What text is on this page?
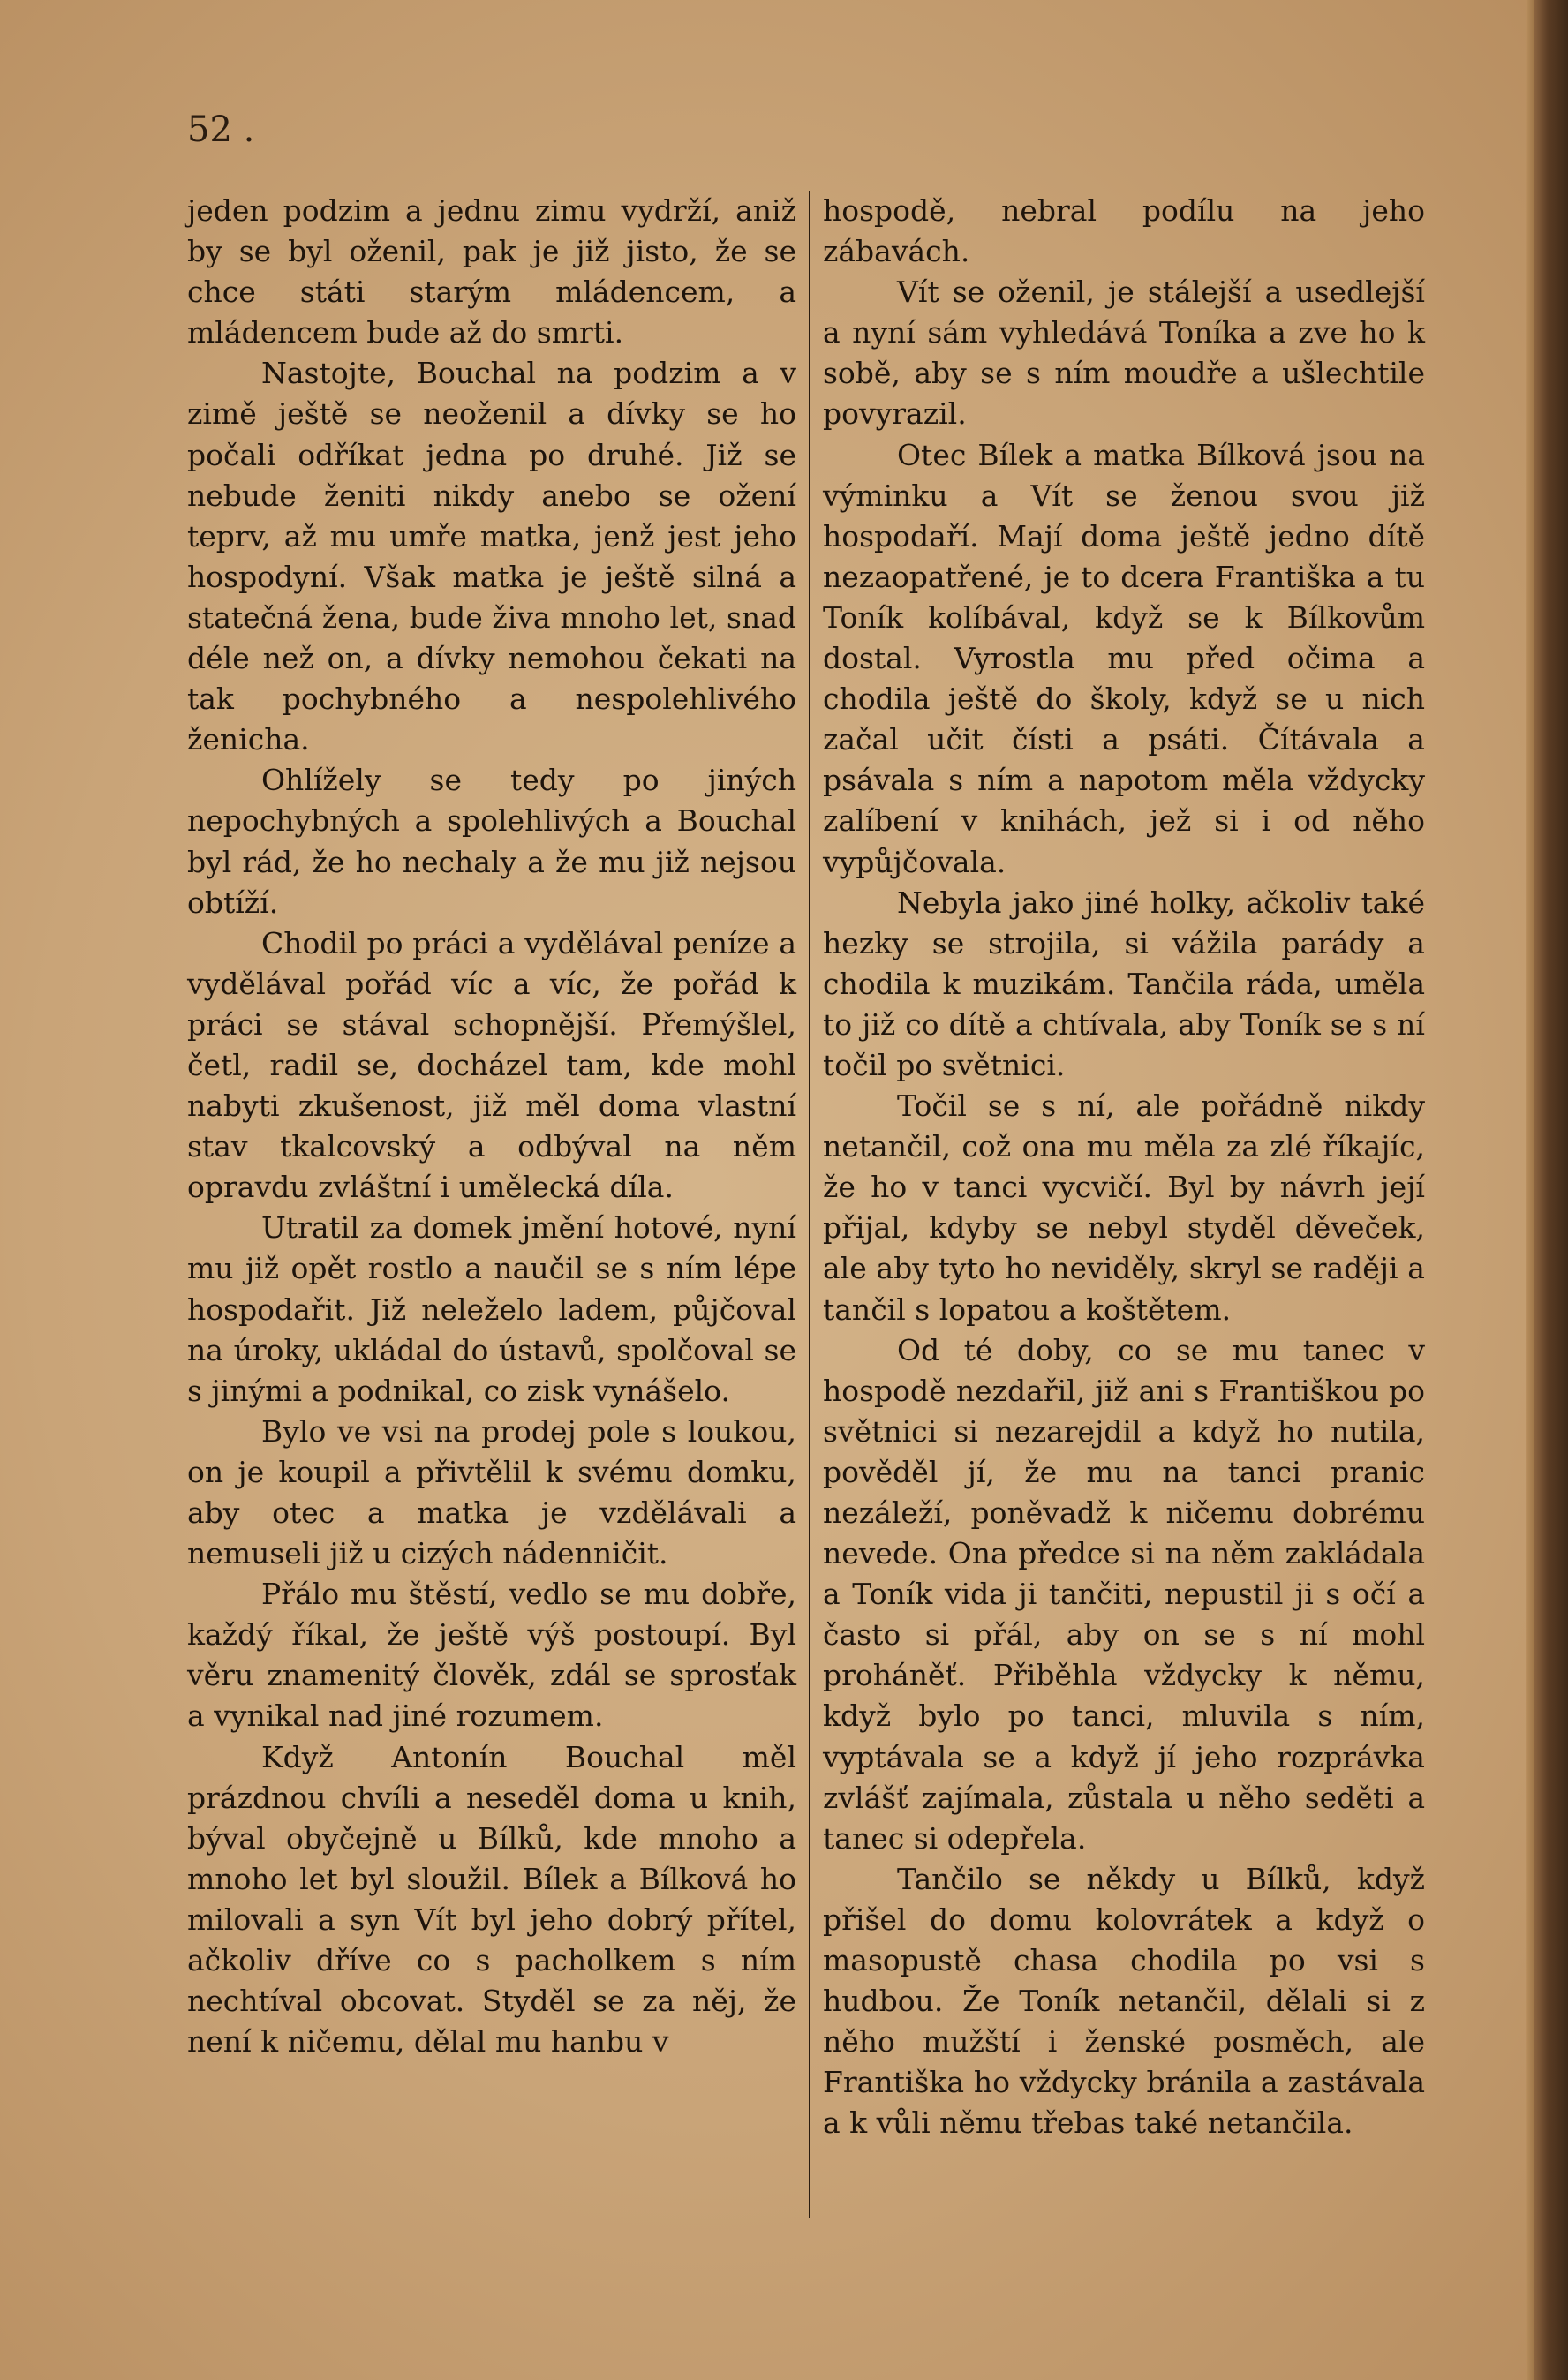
52 .

jeden podzim a jednu zimu vydrží, aniž by se byl oženil, pak je již jisto, že se chce státi starým mládencem, a mládencem bude až do smrti.

Nastojte, Bouchal na podzim a v zimě ještě se neoženil a dívky se ho počali odříkat jedna po druhé. Již se nebude ženiti nikdy anebo se ožení teprv, až mu umře matka, jenž jest jeho hospodyní. Však matka je ještě silná a statečná žena, bude živa mnoho let, snad déle než on, a dívky nemohou čekati na tak pochybného a nespolehlivého ženicha.

Ohlížely se tedy po jiných nepochybných a spolehlivých a Bouchal byl rád, že ho nechaly a že mu již nejsou obtíží.

Chodil po práci a vydělával peníze a vydělával pořád víc a víc, že pořád k práci se stával schopnější. Přemýšlel, četl, radil se, docházel tam, kde mohl nabyti zkušenost, již měl doma vlastní stav tkalcovský a odbýval na něm opravdu zvláštní i umělecká díla.

Utratil za domek jmění hotové, nyní mu již opět rostlo a naučil se s ním lépe hospodařit. Již neleželo ladem, půjčoval na úroky, ukládal do ústavů, spolčoval se s jinými a podnikal, co zisk vynášelo.

Bylo ve vsi na prodej pole s loukou, on je koupil a přivtělil k svému domku, aby otec a matka je vzdělávali a nemuseli již u cizých nádenničit.

Přálo mu štěstí, vedlo se mu dobře, každý říkal, že ještě výš postoupí. Byl věru znamenitý člověk, zdál se sprosťak a vynikal nad jiné rozumem.

Když Antonín Bouchal měl prázdnou chvíli a neseděl doma u knih, býval obyčejně u Bílků, kde mnoho a mnoho let byl sloužil. Bílek a Bílková ho milovali a syn Vít byl jeho dobrý přítel, ačkoliv dříve co s pacholkem s ním nechtíval obcovat. Styděl se za něj, že není k ničemu, dělal mu hanbu v

hospodě, nebral podílu na jeho zábavách.

Vít se oženil, je stálejší a usedlejší a nyní sám vyhledává Toníka a zve ho k sobě, aby se s ním moudře a ušlechtile povyrazil.

Otec Bílek a matka Bílková jsou na výminku a Vít se ženou svou již hospodaří. Mají doma ještě jedno dítě nezaopatřené, je to dcera Františka a tu Toník kolíbával, když se k Bílkovům dostal. Vyrostla mu před očima a chodila ještě do školy, když se u nich začal učit čísti a psáti. Čítávala a psávala s ním a napotom měla vždycky zalíbení v knihách, jež si i od něho vypůjčovala.

Nebyla jako jiné holky, ačkoliv také hezky se strojila, si vážila parády a chodila k muzikám. Tančila ráda, uměla to již co dítě a chtívala, aby Toník se s ní točil po světnici.

Točil se s ní, ale pořádně nikdy netančil, což ona mu měla za zlé říkajíc, že ho v tanci vycvičí. Byl by návrh její přijal, kdyby se nebyl styděl děveček, ale aby tyto ho neviděly, skryl se raději a tančil s lopatou a koštětem.

Od té doby, co se mu tanec v hospodě nezdařil, již ani s Františkou po světnici si nezarejdil a když ho nutila, pověděl jí, že mu na tanci pranic nezáleží, poněvadž k ničemu dobrému nevede. Ona předce si na něm zakládala a Toník vida ji tančiti, nepustil ji s očí a často si přál, aby on se s ní mohl proháněť. Přiběhla vždycky k němu, když bylo po tanci, mluvila s ním, vyptávala se a když jí jeho rozprávka zvlášť zajímala, zůstala u něho seděti a tanec si odepřela.

Tančilo se někdy u Bílků, když přišel do domu kolovrátek a když o masopustě chasa chodila po vsi s hudbou. Že Toník netančil, dělali si z něho mužští i ženské posměch, ale Františka ho vždycky bránila a zastávala a k vůli němu třebas také netančila.
